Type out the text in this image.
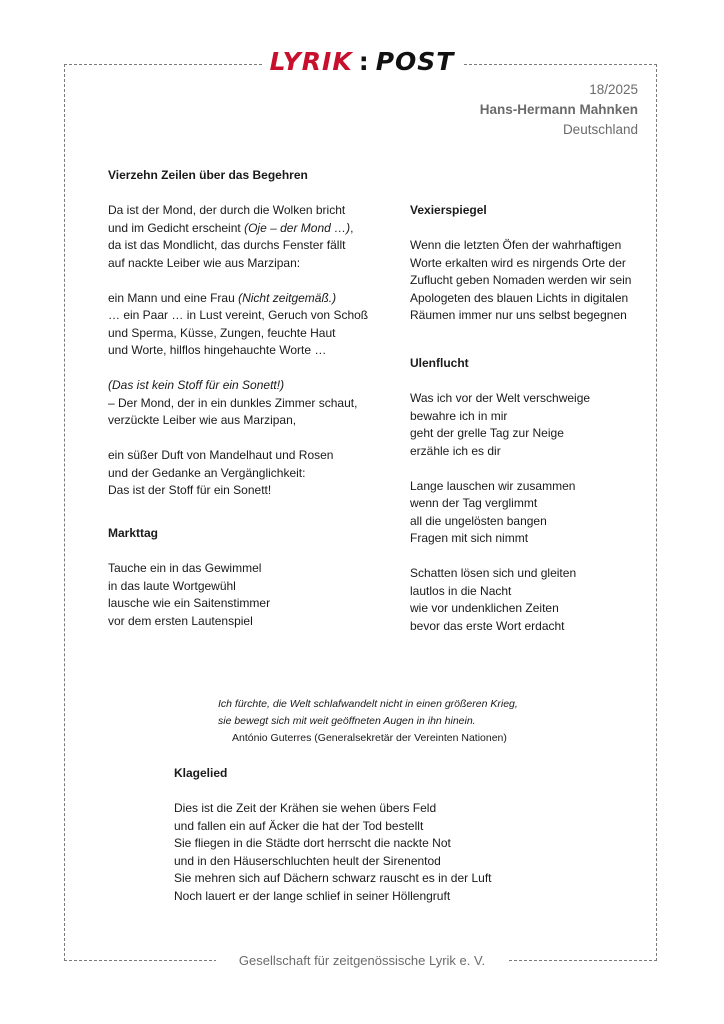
LYRIK : POST
18/2025
Hans-Hermann Mahnken
Deutschland
Vierzehn Zeilen über das Begehren
Da ist der Mond, der durch die Wolken bricht
und im Gedicht erscheint (Oje – der Mond …),
da ist das Mondlicht, das durchs Fenster fällt
auf nackte Leiber wie aus Marzipan:
ein Mann und eine Frau (Nicht zeitgemäß.)
… ein Paar … in Lust vereint, Geruch von Schoß
und Sperma, Küsse, Zungen, feuchte Haut
und Worte, hilflos hingehauchte Worte …
(Das ist kein Stoff für ein Sonett!)
– Der Mond, der in ein dunkles Zimmer schaut,
verzückte Leiber wie aus Marzipan,
ein süßer Duft von Mandelhaut und Rosen
und der Gedanke an Vergänglichkeit:
Das ist der Stoff für ein Sonett!
Markttag
Tauche ein in das Gewimmel
in das laute Wortgewühl
lausche wie ein Saitenstimmer
vor dem ersten Lautenspiel
Vexierspiegel
Wenn die letzten Öfen der wahrhaftigen
Worte erkalten wird es nirgends Orte der
Zuflucht geben Nomaden werden wir sein
Apologeten des blauen Lichts in digitalen
Räumen immer nur uns selbst begegnen
Ulenflucht
Was ich vor der Welt verschweige
bewahre ich in mir
geht der grelle Tag zur Neige
erzähle ich es dir
Lange lauschen wir zusammen
wenn der Tag verglimmt
all die ungelösten bangen
Fragen mit sich nimmt
Schatten lösen sich und gleiten
lautlos in die Nacht
wie vor undenklichen Zeiten
bevor das erste Wort erdacht
Ich fürchte, die Welt schlafwandelt nicht in einen größeren Krieg,
sie bewegt sich mit weit geöffneten Augen in ihn hinein.
António Guterres (Generalsekretär der Vereinten Nationen)
Klagelied
Dies ist die Zeit der Krähen sie wehen übers Feld
und fallen ein auf Äcker die hat der Tod bestellt
Sie fliegen in die Städte dort herrscht die nackte Not
und in den Häuserschluchten heult der Sirenentod
Sie mehren sich auf Dächern schwarz rauscht es in der Luft
Noch lauert er der lange schlief in seiner Höllengruft
Gesellschaft für zeitgenössische Lyrik e. V.
